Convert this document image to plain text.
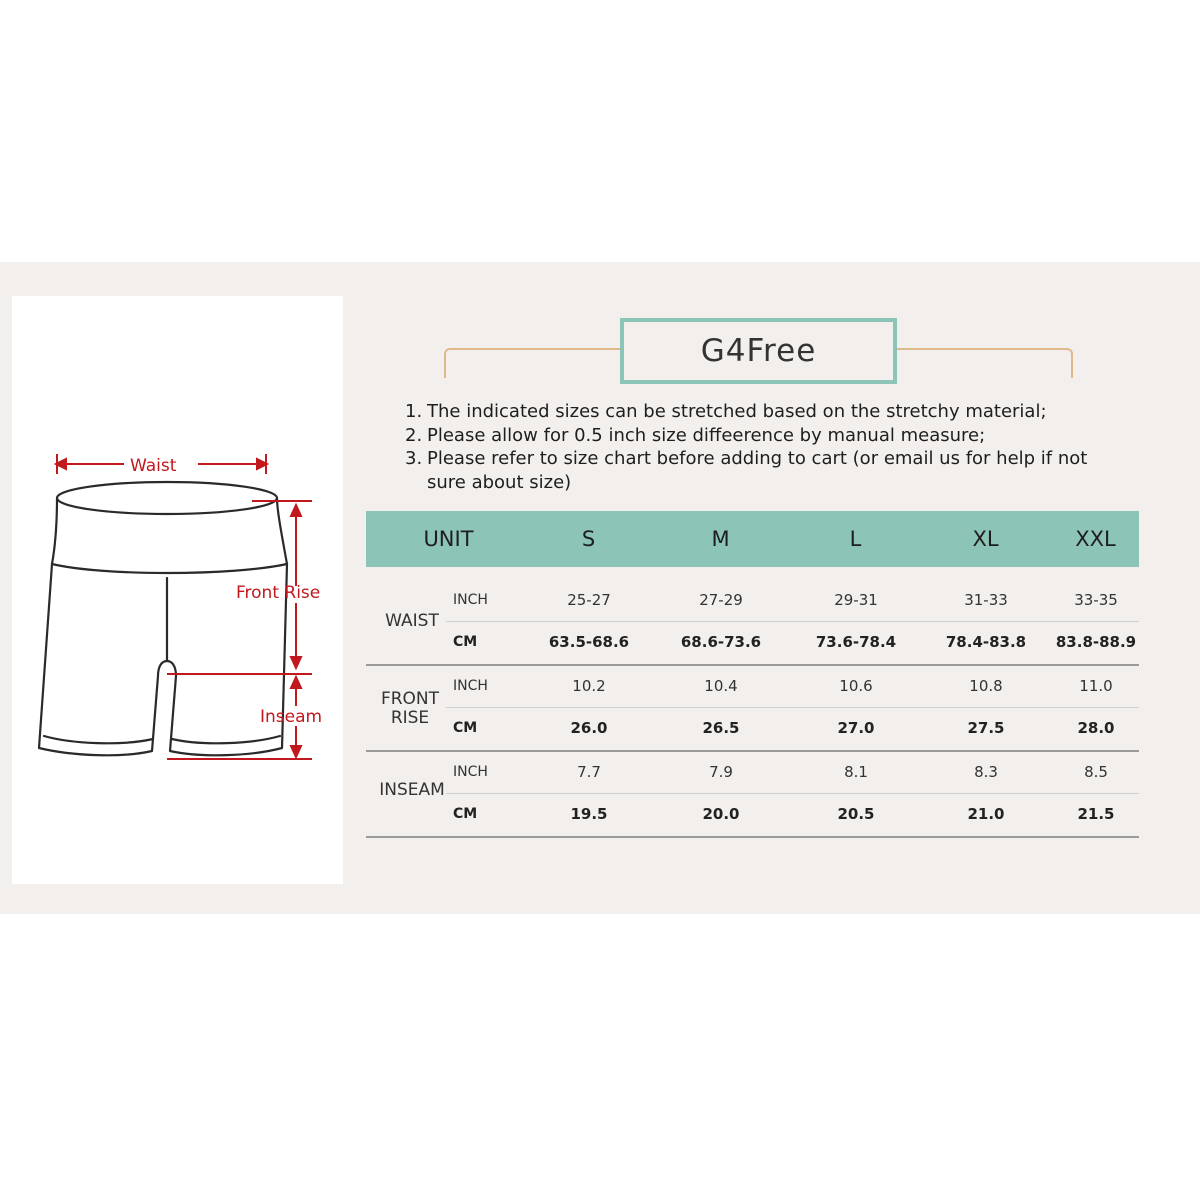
Waist
Front Rise
Inseam
G4Free
1. The indicated sizes can be stretched based on the stretchy material;
2. Please allow for 0.5 inch size diffeerence by manual measure;
3. Please refer to size chart before adding to cart (or email us for help if not sure about size)
UNIT	S	M	L	XL	XXL
WAIST
INCH	25-27	27-29	29-31	31-33	33-35
CM	63.5-68.6	68.6-73.6	73.6-78.4	78.4-83.8	83.8-88.9
FRONT RISE
INCH	10.2	10.4	10.6	10.8	11.0
CM	26.0	26.5	27.0	27.5	28.0
INSEAM
INCH	7.7	7.9	8.1	8.3	8.5
CM	19.5	20.0	20.5	21.0	21.5
